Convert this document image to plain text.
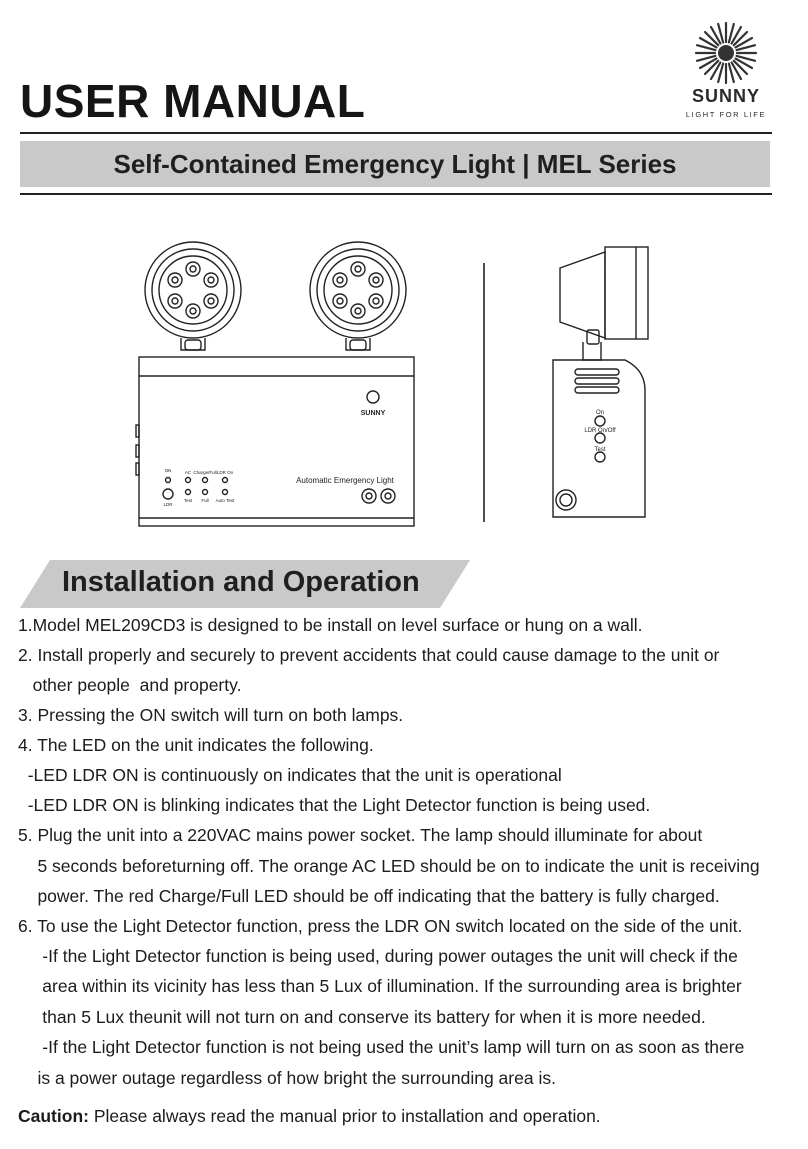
USER MANUAL	SUNNY
LIGHT FOR LIFE
Self-Contained Emergency Light | MEL Series
SUNNY
Automatic Emergency Light
AC Charge/Full LDR On
Test Full Auto Test
ON
LDR
On
LDR On/Off
Test
Installation and Operation
1.Model MEL209CD3 is designed to be install on level surface or hung on a wall.
2. Install properly and securely to prevent accidents that could cause damage to the unit or
other people  and property.
3. Pressing the ON switch will turn on both lamps.
4. The LED on the unit indicates the following.
-LED LDR ON is continuously on indicates that the unit is operational
-LED LDR ON is blinking indicates that the Light Detector function is being used.
5. Plug the unit into a 220VAC mains power socket. The lamp should illuminate for about
5 seconds beforeturning off. The orange AC LED should be on to indicate the unit is receiving
power. The red Charge/Full LED should be off indicating that the battery is fully charged.
6. To use the Light Detector function, press the LDR ON switch located on the side of the unit.
-If the Light Detector function is being used, during power outages the unit will check if the
area within its vicinity has less than 5 Lux of illumination. If the surrounding area is brighter
than 5 Lux theunit will not turn on and conserve its battery for when it is more needed.
-If the Light Detector function is not being used the unit’s lamp will turn on as soon as there
is a power outage regardless of how bright the surrounding area is.
Caution: Please always read the manual prior to installation and operation.
